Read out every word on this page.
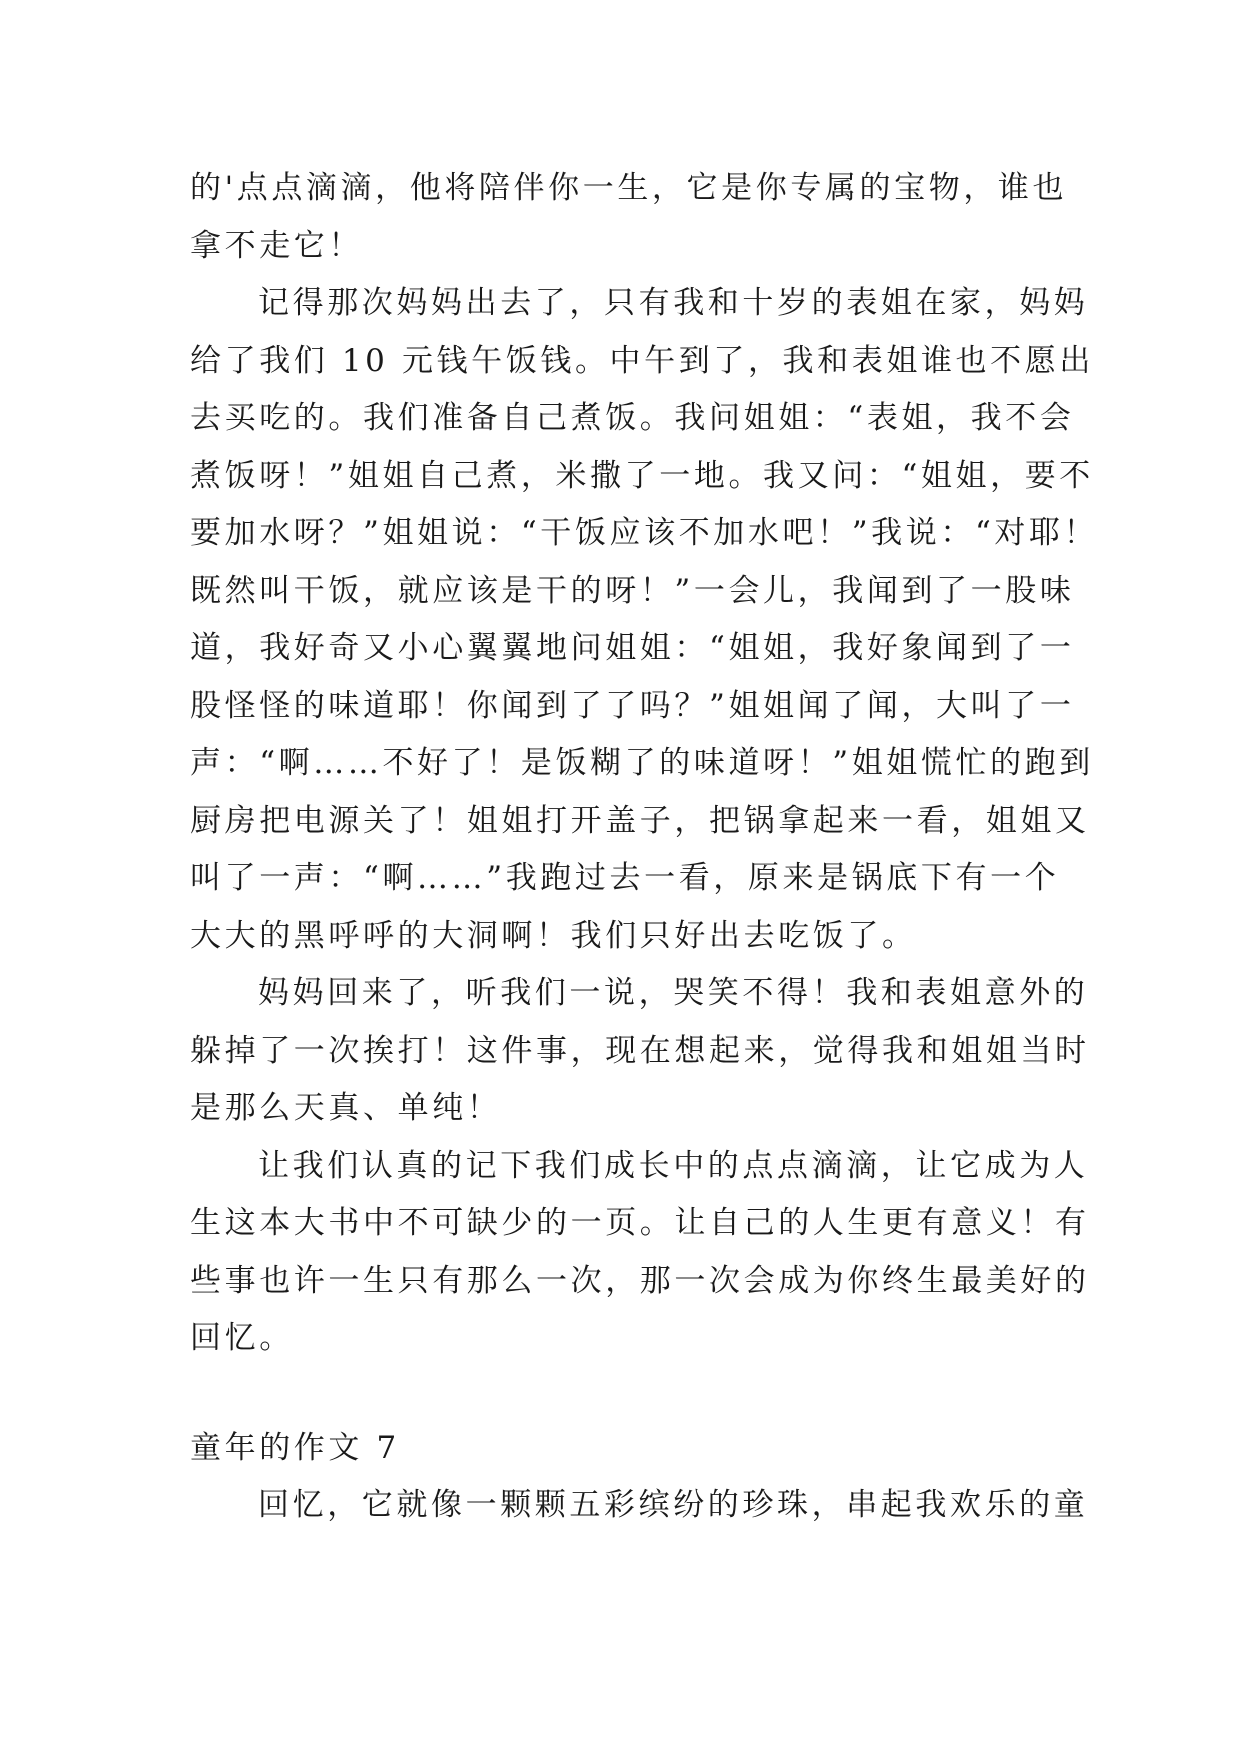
的'点点滴滴，他将陪伴你一生，它是你专属的宝物，谁也
拿不走它！

记得那次妈妈出去了，只有我和十岁的表姐在家，妈妈
给了我们 10 元钱午饭钱。中午到了，我和表姐谁也不愿出
去买吃的。我们准备自己煮饭。我问姐姐：“表姐，我不会
煮饭呀！”姐姐自己煮，米撒了一地。我又问：“姐姐，要不
要加水呀？”姐姐说：“干饭应该不加水吧！”我说：“对耶！
既然叫干饭，就应该是干的呀！”一会儿，我闻到了一股味
道，我好奇又小心翼翼地问姐姐：“姐姐，我好象闻到了一
股怪怪的味道耶！你闻到了了吗？”姐姐闻了闻，大叫了一
声：“啊……不好了！是饭糊了的味道呀！”姐姐慌忙的跑到
厨房把电源关了！姐姐打开盖子，把锅拿起来一看，姐姐又
叫了一声：“啊……”我跑过去一看，原来是锅底下有一个
大大的黑呼呼的大洞啊！我们只好出去吃饭了。

妈妈回来了，听我们一说，哭笑不得！我和表姐意外的
躲掉了一次挨打！这件事，现在想起来，觉得我和姐姐当时
是那么天真、单纯！

让我们认真的记下我们成长中的点点滴滴，让它成为人
生这本大书中不可缺少的一页。让自己的人生更有意义！有
些事也许一生只有那么一次，那一次会成为你终生最美好的
回忆。

童年的作文 7

回忆，它就像一颗颗五彩缤纷的珍珠，串起我欢乐的童
